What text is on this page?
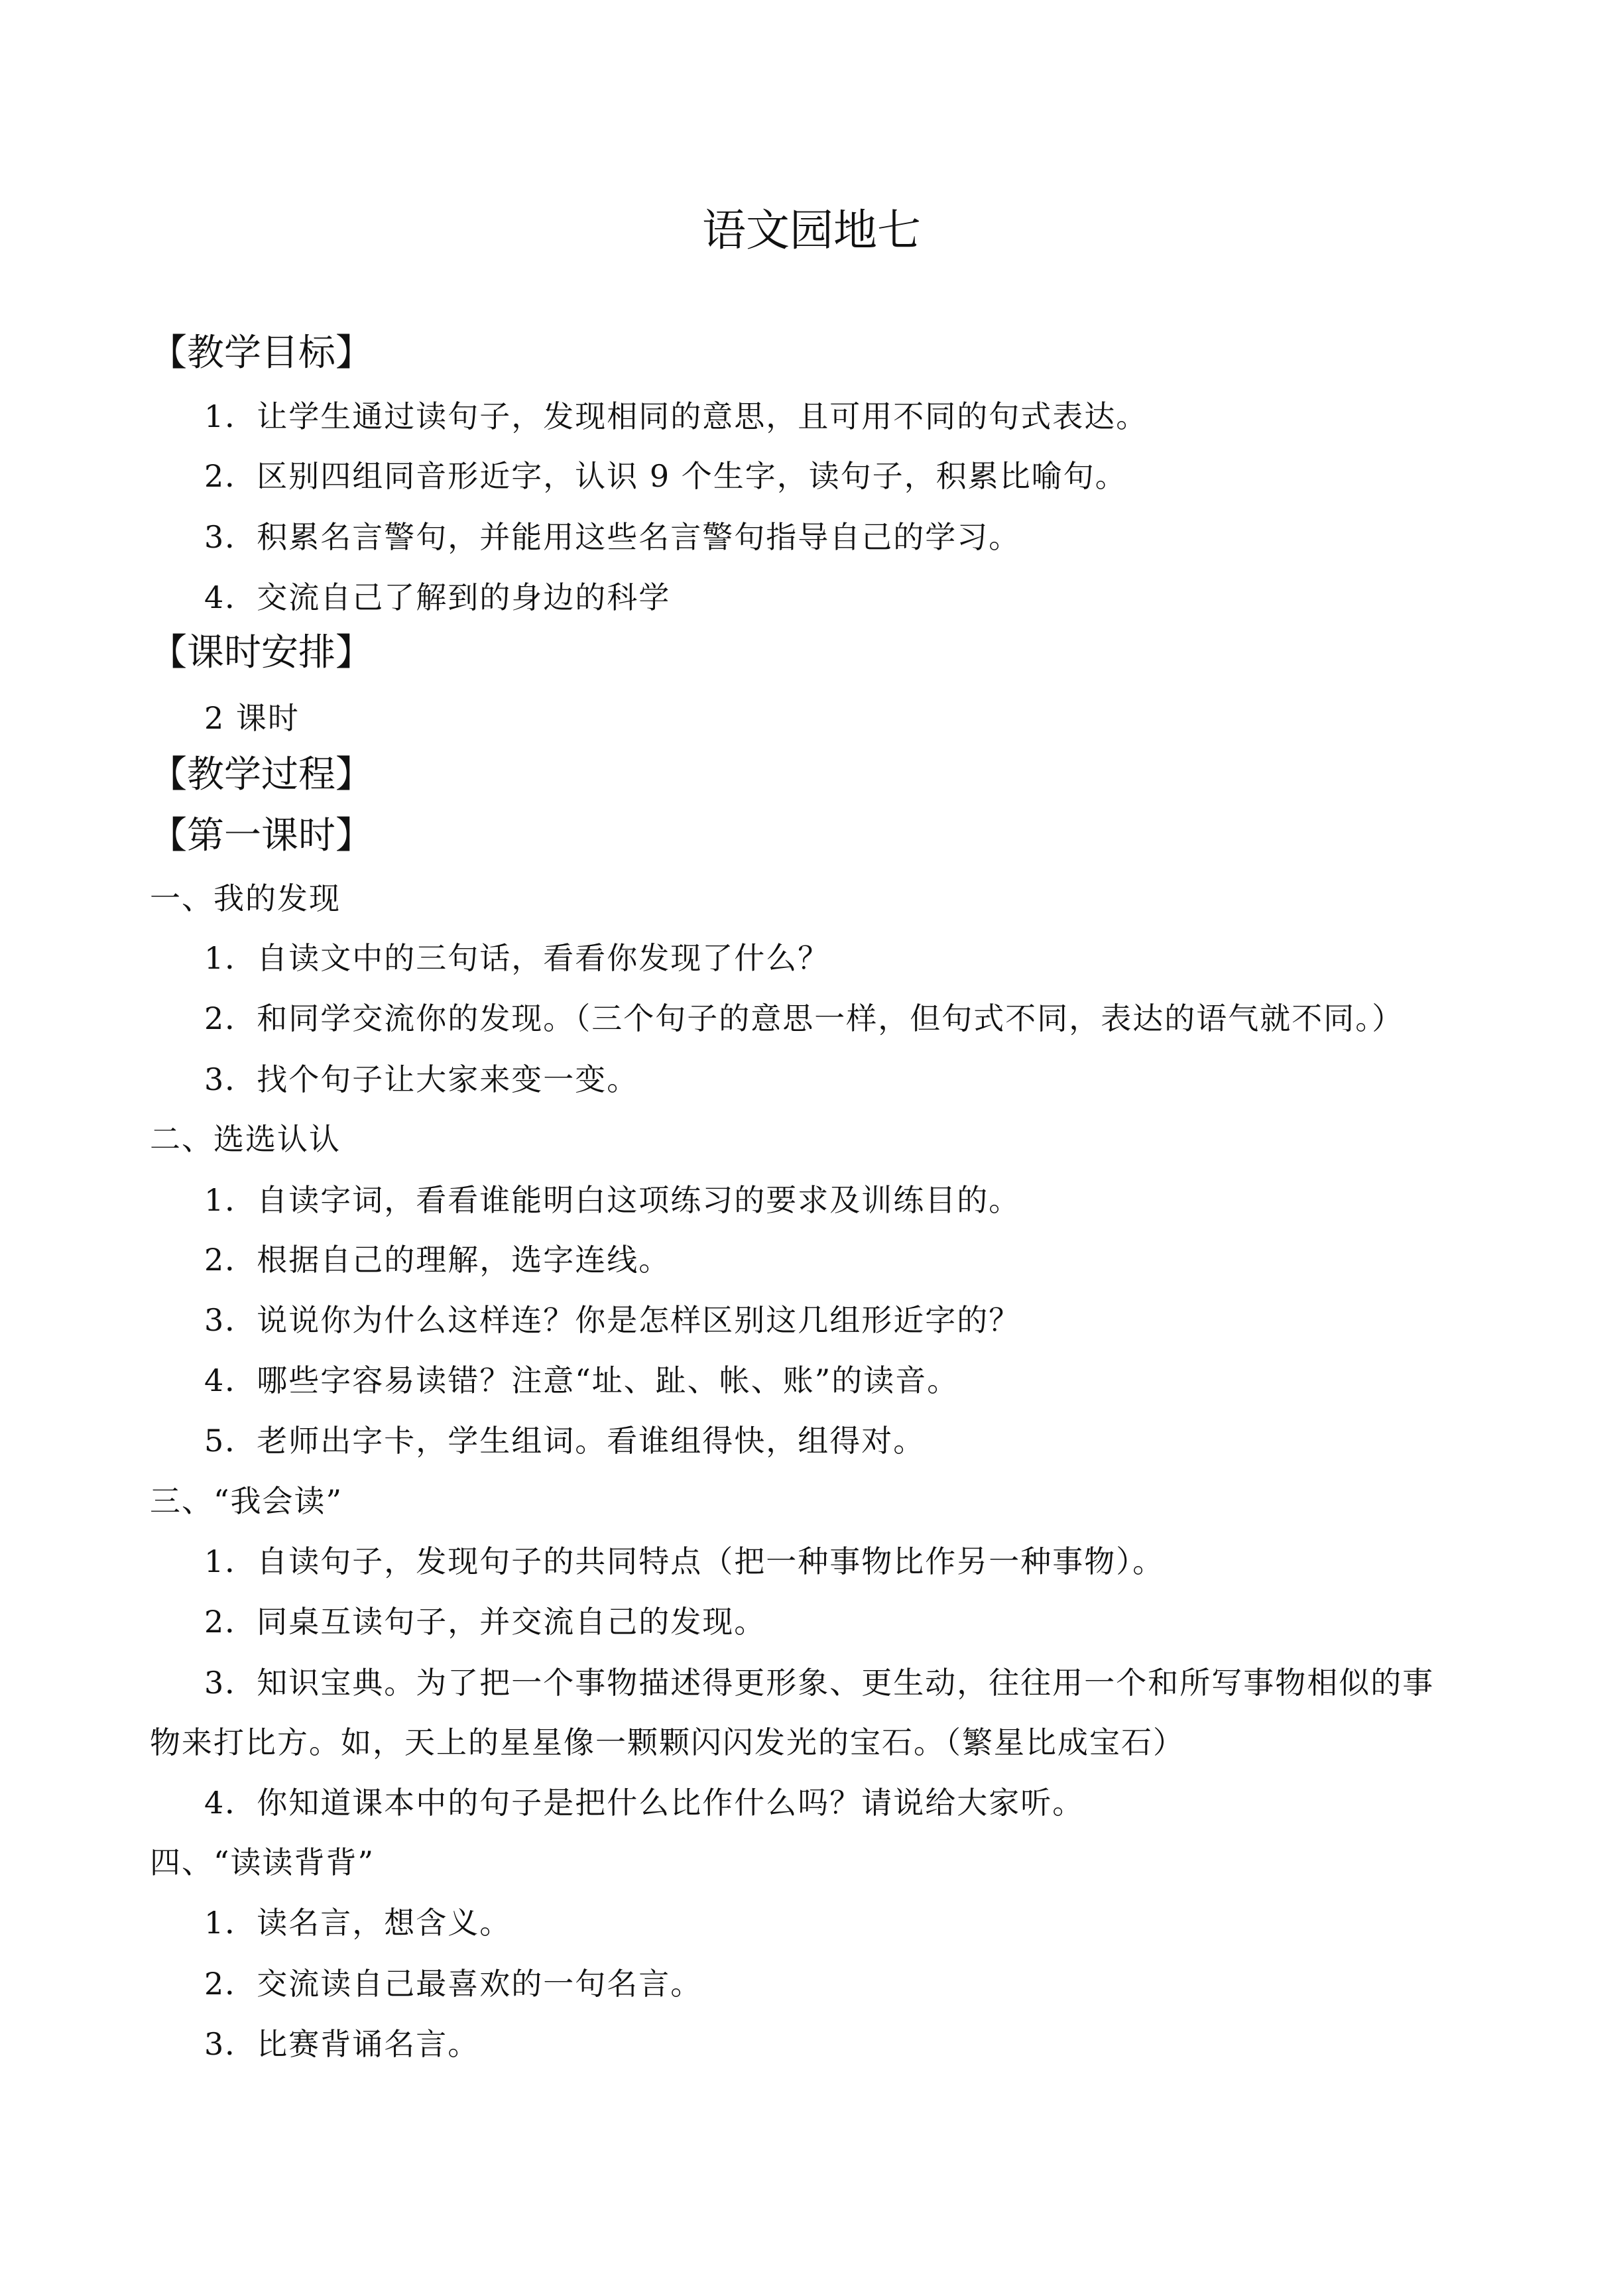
语文园地七
【教学目标】
1．让学生通过读句子，发现相同的意思，且可用不同的句式表达。
2．区别四组同音形近字，认识 9 个生字，读句子，积累比喻句。
3．积累名言警句，并能用这些名言警句指导自己的学习。
4．交流自己了解到的身边的科学
【课时安排】
2 课时
【教学过程】
【第一课时】
一、我的发现
1．自读文中的三句话，看看你发现了什么？
2．和同学交流你的发现。（三个句子的意思一样，但句式不同，表达的语气就不同。）
3．找个句子让大家来变一变。
二、选选认认
1．自读字词，看看谁能明白这项练习的要求及训练目的。
2．根据自己的理解，选字连线。
3．说说你为什么这样连？你是怎样区别这几组形近字的？
4．哪些字容易读错？注意“址、趾、帐、账”的读音。
5．老师出字卡，学生组词。看谁组得快，组得对。
三、“我会读”
1．自读句子，发现句子的共同特点（把一种事物比作另一种事物）。
2．同桌互读句子，并交流自己的发现。
3．知识宝典。为了把一个事物描述得更形象、更生动，往往用一个和所写事物相似的事
物来打比方。如，天上的星星像一颗颗闪闪发光的宝石。（繁星比成宝石）
4．你知道课本中的句子是把什么比作什么吗？请说给大家听。
四、“读读背背”
1．读名言，想含义。
2．交流读自己最喜欢的一句名言。
3．比赛背诵名言。
